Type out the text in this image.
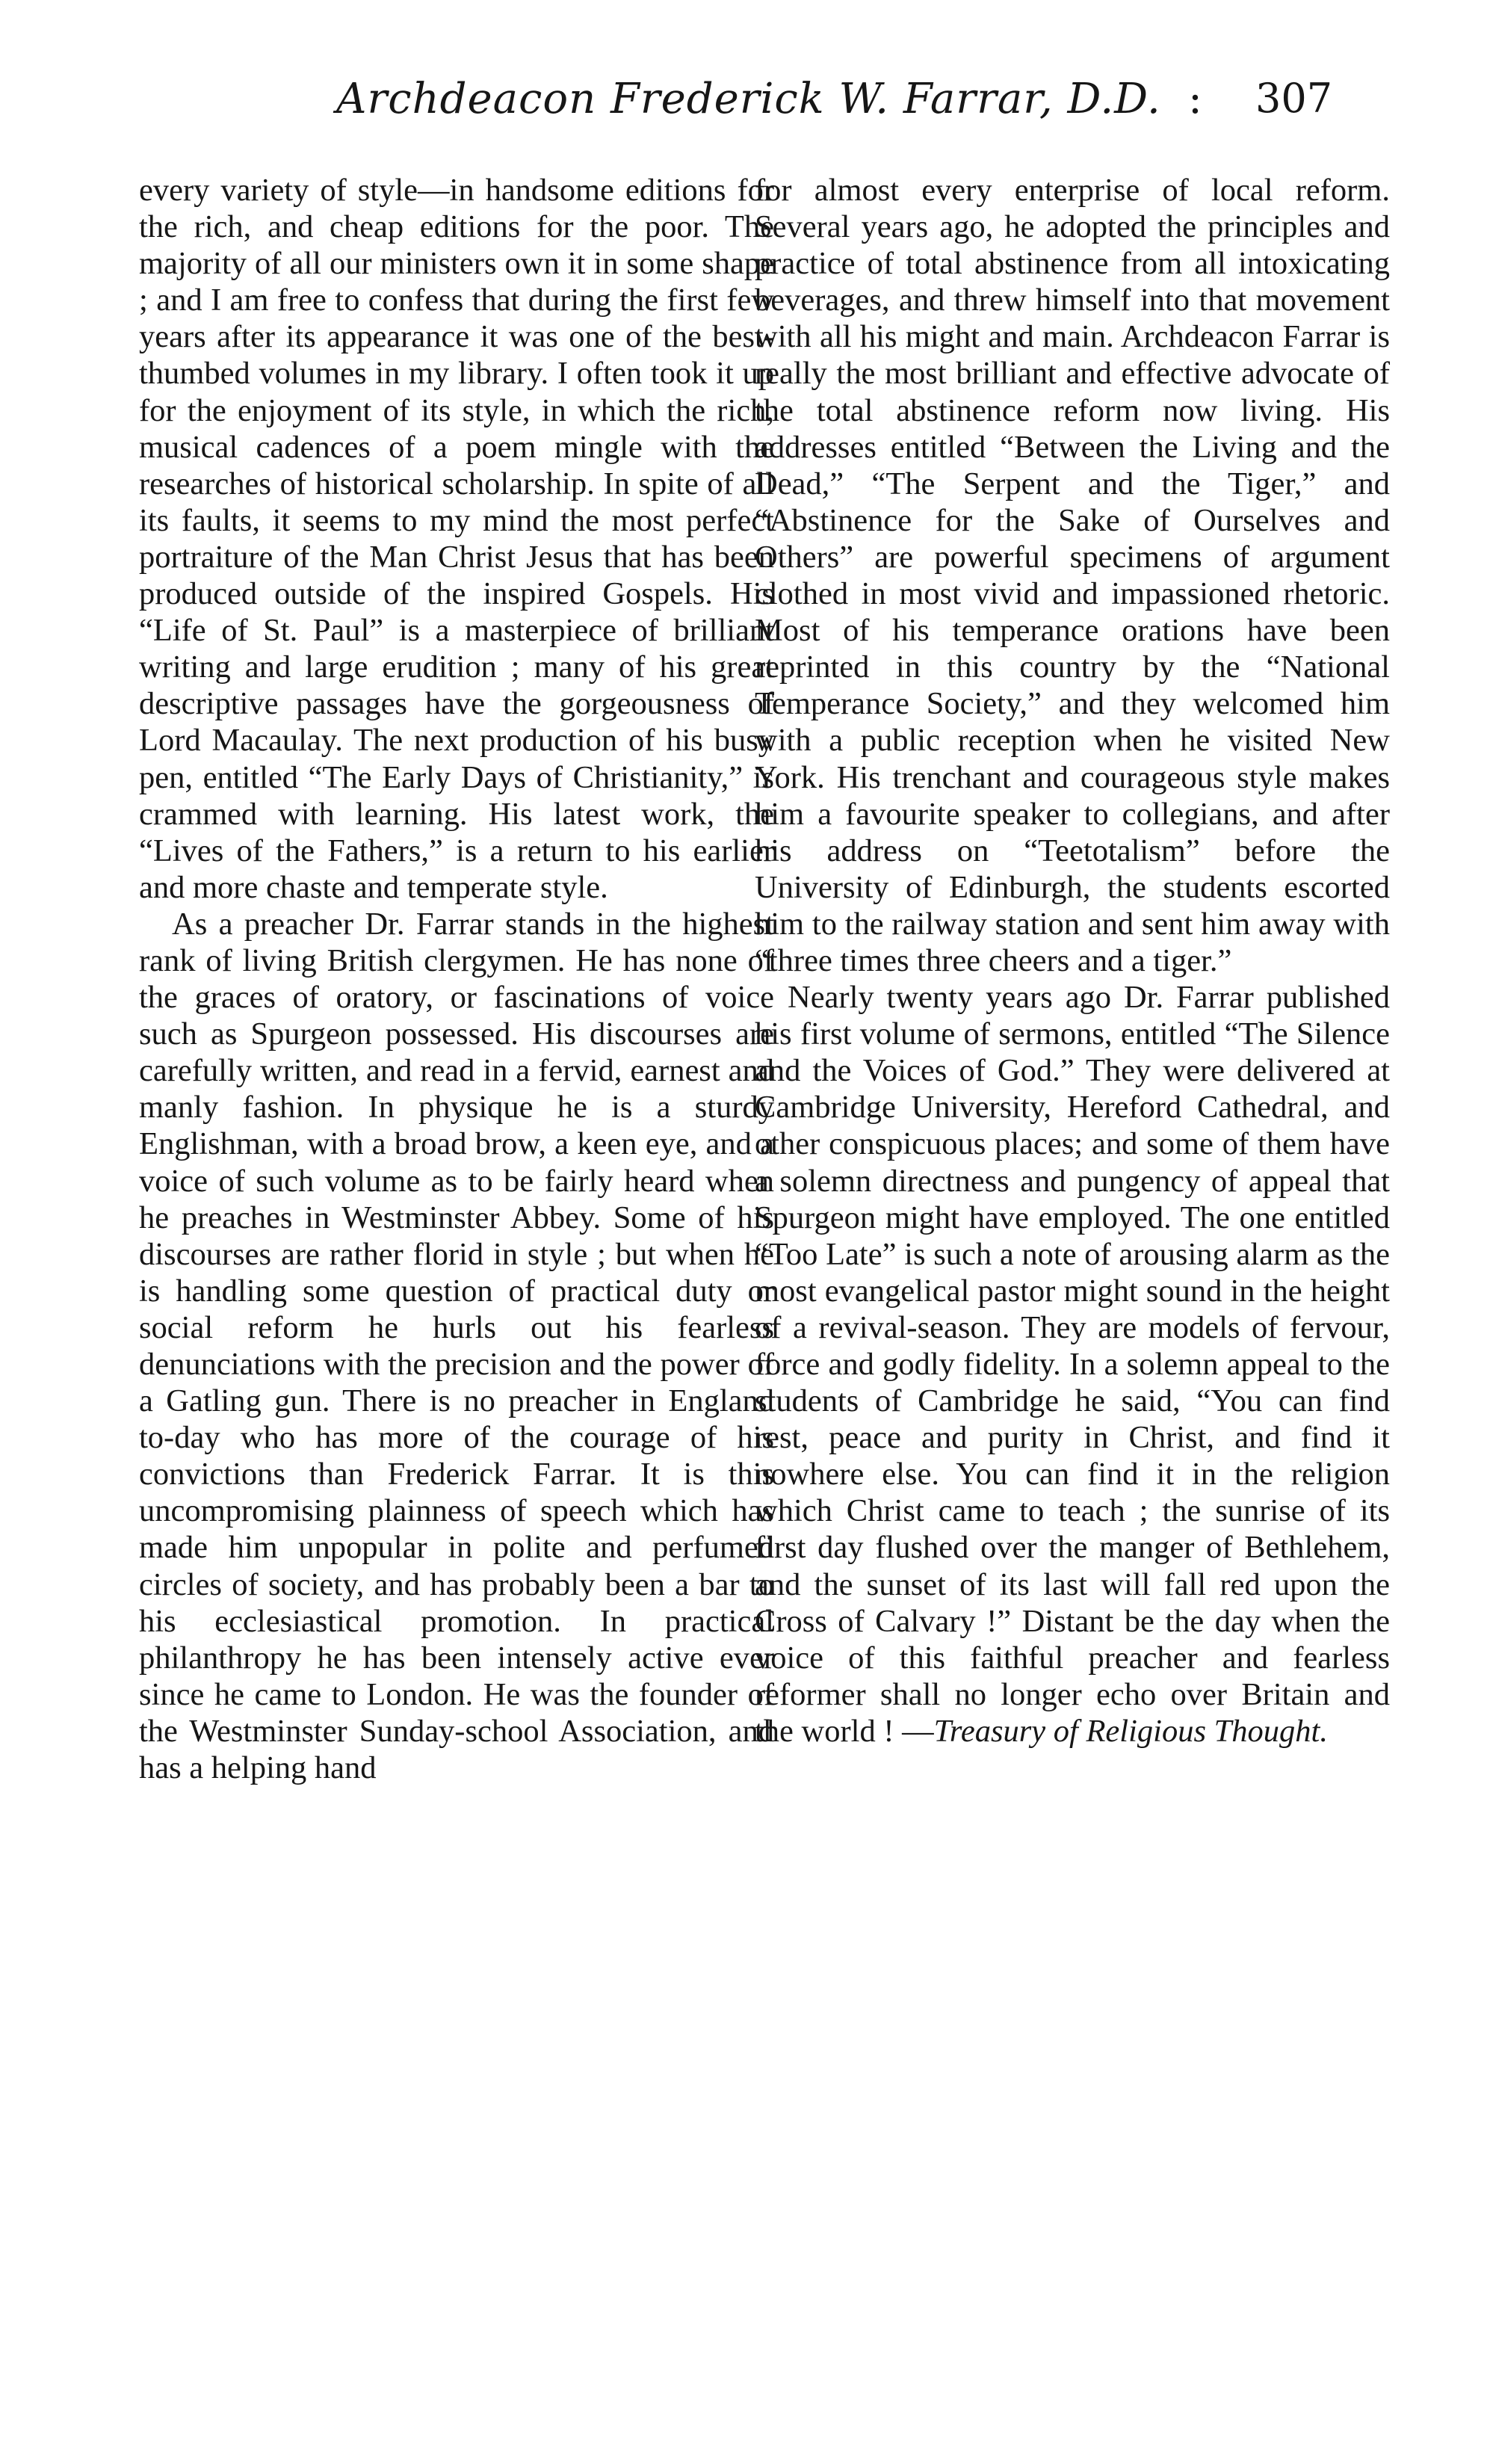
Archdeacon Frederick W. Farrar, D.D. : 307

every variety of style—in handsome editions for the rich, and cheap editions for the poor. The majority of all our ministers own it in some shape ; and I am free to confess that during the first few years after its appearance it was one of the best-thumbed volumes in my library. I often took it up for the enjoyment of its style, in which the rich, musical cadences of a poem mingle with the researches of historical scholarship. In spite of all its faults, it seems to my mind the most perfect portraiture of the Man Christ Jesus that has been produced outside of the inspired Gospels. His “Life of St. Paul” is a masterpiece of brilliant writing and large erudition ; many of his great descriptive passages have the gorgeousness of Lord Macaulay. The next production of his busy pen, entitled “The Early Days of Christianity,” is crammed with learning. His latest work, the “Lives of the Fathers,” is a return to his earlier and more chaste and temperate style.

As a preacher Dr. Farrar stands in the highest rank of living British clergymen. He has none of the graces of oratory, or fascinations of voice such as Spurgeon possessed. His discourses are carefully written, and read in a fervid, earnest and manly fashion. In physique he is a sturdy Englishman, with a broad brow, a keen eye, and a voice of such volume as to be fairly heard when he preaches in Westminster Abbey. Some of his discourses are rather florid in style ; but when he is handling some question of practical duty or social reform he hurls out his fearless denunciations with the precision and the power of a Gatling gun. There is no preacher in England to-day who has more of the courage of his convictions than Frederick Farrar. It is this uncompromising plainness of speech which has made him unpopular in polite and perfumed circles of society, and has probably been a bar to his ecclesiastical promotion. In practical philanthropy he has been intensely active ever since he came to London. He was the founder of the Westminster Sunday-school Association, and has a helping hand

for almost every enterprise of local reform. Several years ago, he adopted the principles and practice of total abstinence from all intoxicating beverages, and threw himself into that movement with all his might and main. Archdeacon Farrar is really the most brilliant and effective advocate of the total abstinence reform now living. His addresses entitled “Between the Living and the Dead,” “The Serpent and the Tiger,” and “Abstinence for the Sake of Ourselves and Others” are powerful specimens of argument clothed in most vivid and impassioned rhetoric. Most of his temperance orations have been reprinted in this country by the “National Temperance Society,” and they welcomed him with a public reception when he visited New York. His trenchant and courageous style makes him a favourite speaker to collegians, and after his address on “Teetotalism” before the University of Edinburgh, the students escorted him to the railway station and sent him away with “three times three cheers and a tiger.”

Nearly twenty years ago Dr. Farrar published his first volume of sermons, entitled “The Silence and the Voices of God.” They were delivered at Cambridge University, Hereford Cathedral, and other conspicuous places; and some of them have a solemn directness and pungency of appeal that Spurgeon might have employed. The one entitled “Too Late” is such a note of arousing alarm as the most evangelical pastor might sound in the height of a revival-season. They are models of fervour, force and godly fidelity. In a solemn appeal to the students of Cambridge he said, “You can find rest, peace and purity in Christ, and find it nowhere else. You can find it in the religion which Christ came to teach ; the sunrise of its first day flushed over the manger of Bethlehem, and the sunset of its last will fall red upon the Cross of Calvary !” Distant be the day when the voice of this faithful preacher and fearless reformer shall no longer echo over Britain and the world ! —Treasury of Religious Thought.
